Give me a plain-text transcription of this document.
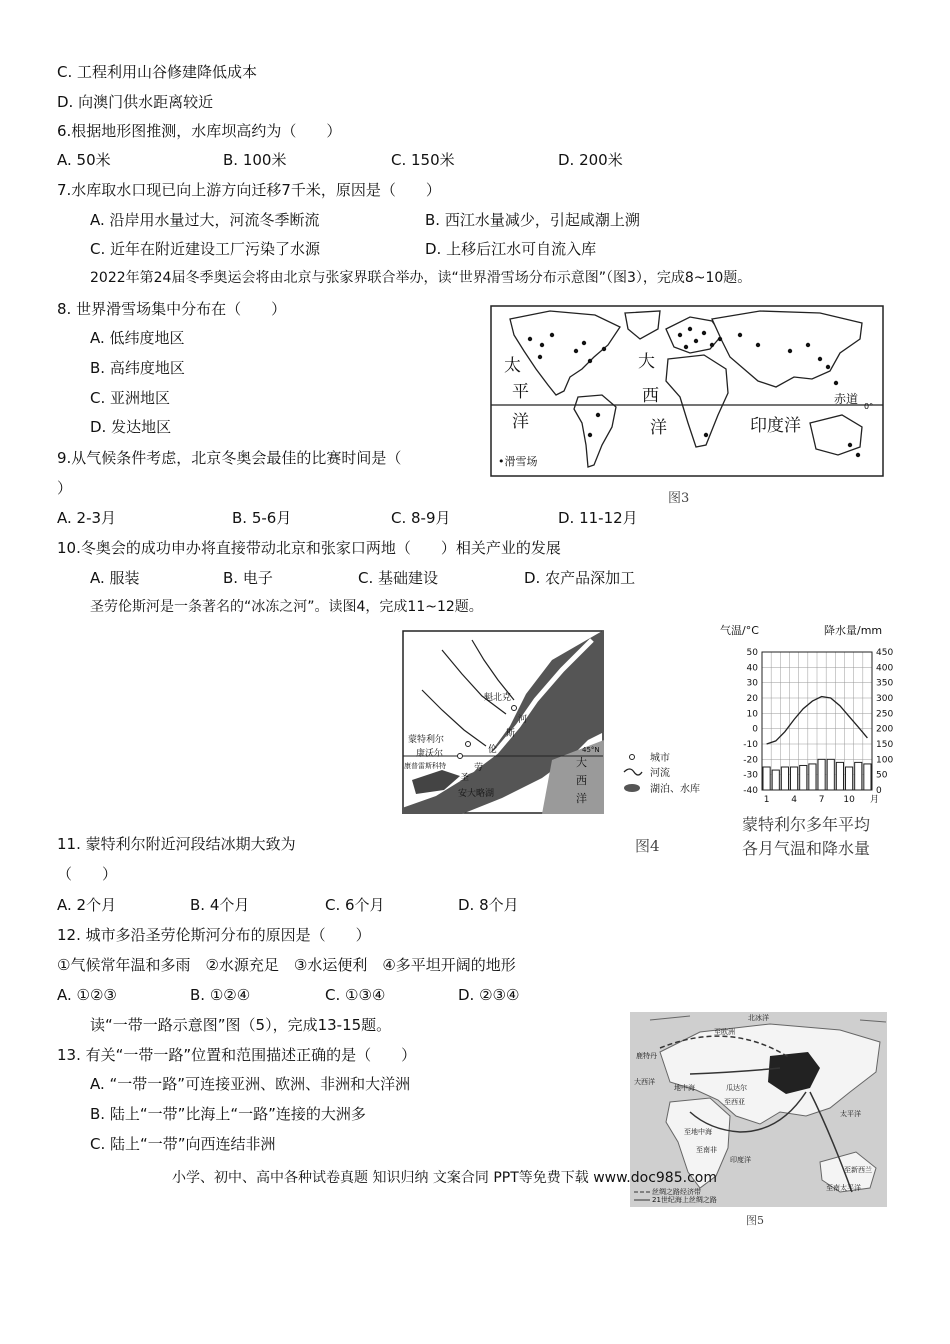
C. 工程利用山谷修建降低成本
D. 向澳门供水距离较近
6.根据地形图推测，水库坝高约为（　　）
A. 50米	B. 100米	C. 150米	D. 200米
7.水库取水口现已向上游方向迁移7千米，原因是（　　）
A. 沿岸用水量过大，河流冬季断流	B. 西江水量减少，引起咸潮上溯
C. 近年在附近建设工厂污染了水源	D. 上移后江水可自流入库
2022年第24届冬季奥运会将由北京与张家界联合举办，读“世界滑雪场分布示意图”（图3），完成8~10题。
8. 世界滑雪场集中分布在（　　）
A. 低纬度地区
B. 高纬度地区
C. 亚洲地区
D. 发达地区
9.从气候条件考虑，北京冬奥会最佳的比赛时间是（
）
A. 2-3月	B. 5-6月	C. 8-9月	D. 11-12月
10.冬奥会的成功申办将直接带动北京和张家口两地（　　）相关产业的发展
A. 服装	B. 电子	C. 基础建设	D. 农产品深加工
圣劳伦斯河是一条著名的“冰冻之河”。读图4，完成11~12题。
11. 蒙特利尔附近河段结冰期大致为
（　　）
A. 2个月	B. 4个月	C. 6个月	D. 8个月
12. 城市多沿圣劳伦斯河分布的原因是（　　）
①气候常年温和多雨　②水源充足　③水运便利　④多平坦开阔的地形
A. ①②③	B. ①②④	C. ①③④	D. ②③④
读“一带一路示意图”图（5），完成13-15题。
13. 有关“一带一路”位置和范围描述正确的是（　　）
A. “一带一路”可连接亚洲、欧洲、非洲和大洋洲
B. 陆上“一带”比海上“一路”连接的大洲多
C. 陆上“一带”向西连结非洲
小学、初中、高中各种试卷真题 知识归纳 文案合同 PPT等免费下载 www.doc985.com
太
平
洋
大
西
洋	印度洋
赤道
0°
•滑雪场
图3
魁北克
河
斯
伦
劳
蒙特利尔
康沃尔
康普雷斯科特
圣
安大略湖
大
西
洋
45°N
城市
河流
湖泊、水库
图4
气温/°C	降水量/mm
-40
-30
-20
-10
0
10
20
30
40
50
0
50
100
150
200
250
300
350
400
450
1 4 7 10 月
蒙特利尔多年平均
各月气温和降水量
北冰洋
至欧洲
鹿特丹
大西洋
地中海	瓜达尔
至西亚
至地中海
至南非
印度洋
太平洋
至新西兰
至南太平洋
丝绸之路经济带
21世纪海上丝绸之路
图5
